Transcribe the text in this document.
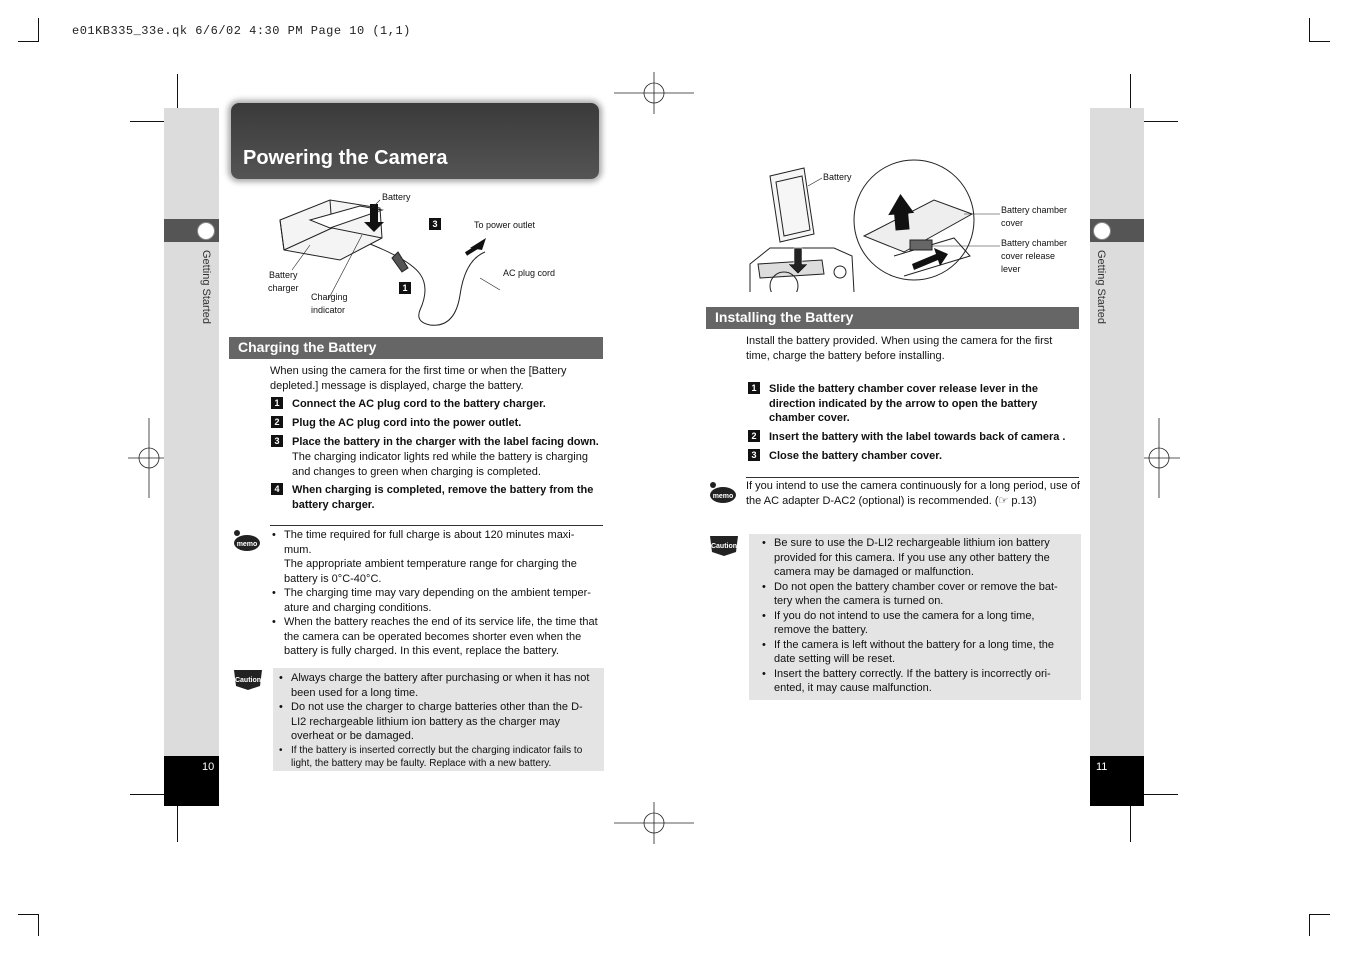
e01KB335_33e.qk 6/6/02 4:30 PM Page 10 (1,1)
Getting Started
10
Getting Started
11
Powering the Camera
Battery
To power outlet
AC plug cord
Battery
charger
Charging
indicator
3
1
Charging the Battery
When using the camera for the first time or when the [Battery depleted.] message is displayed, charge the battery.
1	Connect the AC plug cord to the battery charger.
2	Plug the AC plug cord into the power outlet.
3	Place the battery in the charger with the label facing down.
The charging indicator lights red while the battery is charging and changes to green when charging is completed.
4	When charging is completed, remove the battery from the battery charger.
memo
• The time required for full charge is about 120 minutes maxi-mum.
The appropriate ambient temperature range for charging the battery is 0°C-40°C.
• The charging time may vary depending on the ambient temper-ature and charging conditions.
• When the battery reaches the end of its service life, the time that the camera can be operated becomes shorter even when the battery is fully charged. In this event, replace the battery.
Caution	• Always charge the battery after purchasing or when it has not been used for a long time.
• Do not use the charger to charge batteries other than the D-LI2 rechargeable lithium ion battery as the charger may overheat or be damaged.
• If the battery is inserted correctly but the charging indicator fails to light, the battery may be faulty. Replace with a new battery.
Battery
Battery chamber
cover
Battery chamber
cover release
lever
Installing the Battery
Install the battery provided. When using the camera for the first time, charge the battery before installing.
1	Slide the battery chamber cover release lever in the direction indicated by the arrow to open the battery chamber cover.
2	Insert the battery with the label towards back of camera .
3	Close the battery chamber cover.
memo
If you intend to use the camera continuously for a long period, use of the AC adapter D-AC2 (optional) is recommended. (☞ p.13)
Caution	• Be sure to use the D-LI2 rechargeable lithium ion battery provided for this camera. If you use any other battery the camera may be damaged or malfunction.
• Do not open the battery chamber cover or remove the bat-tery when the camera is turned on.
• If you do not intend to use the camera for a long time, remove the battery.
• If the camera is left without the battery for a long time, the date setting will be reset.
• Insert the battery correctly. If the battery is incorrectly ori-ented, it may cause malfunction.
